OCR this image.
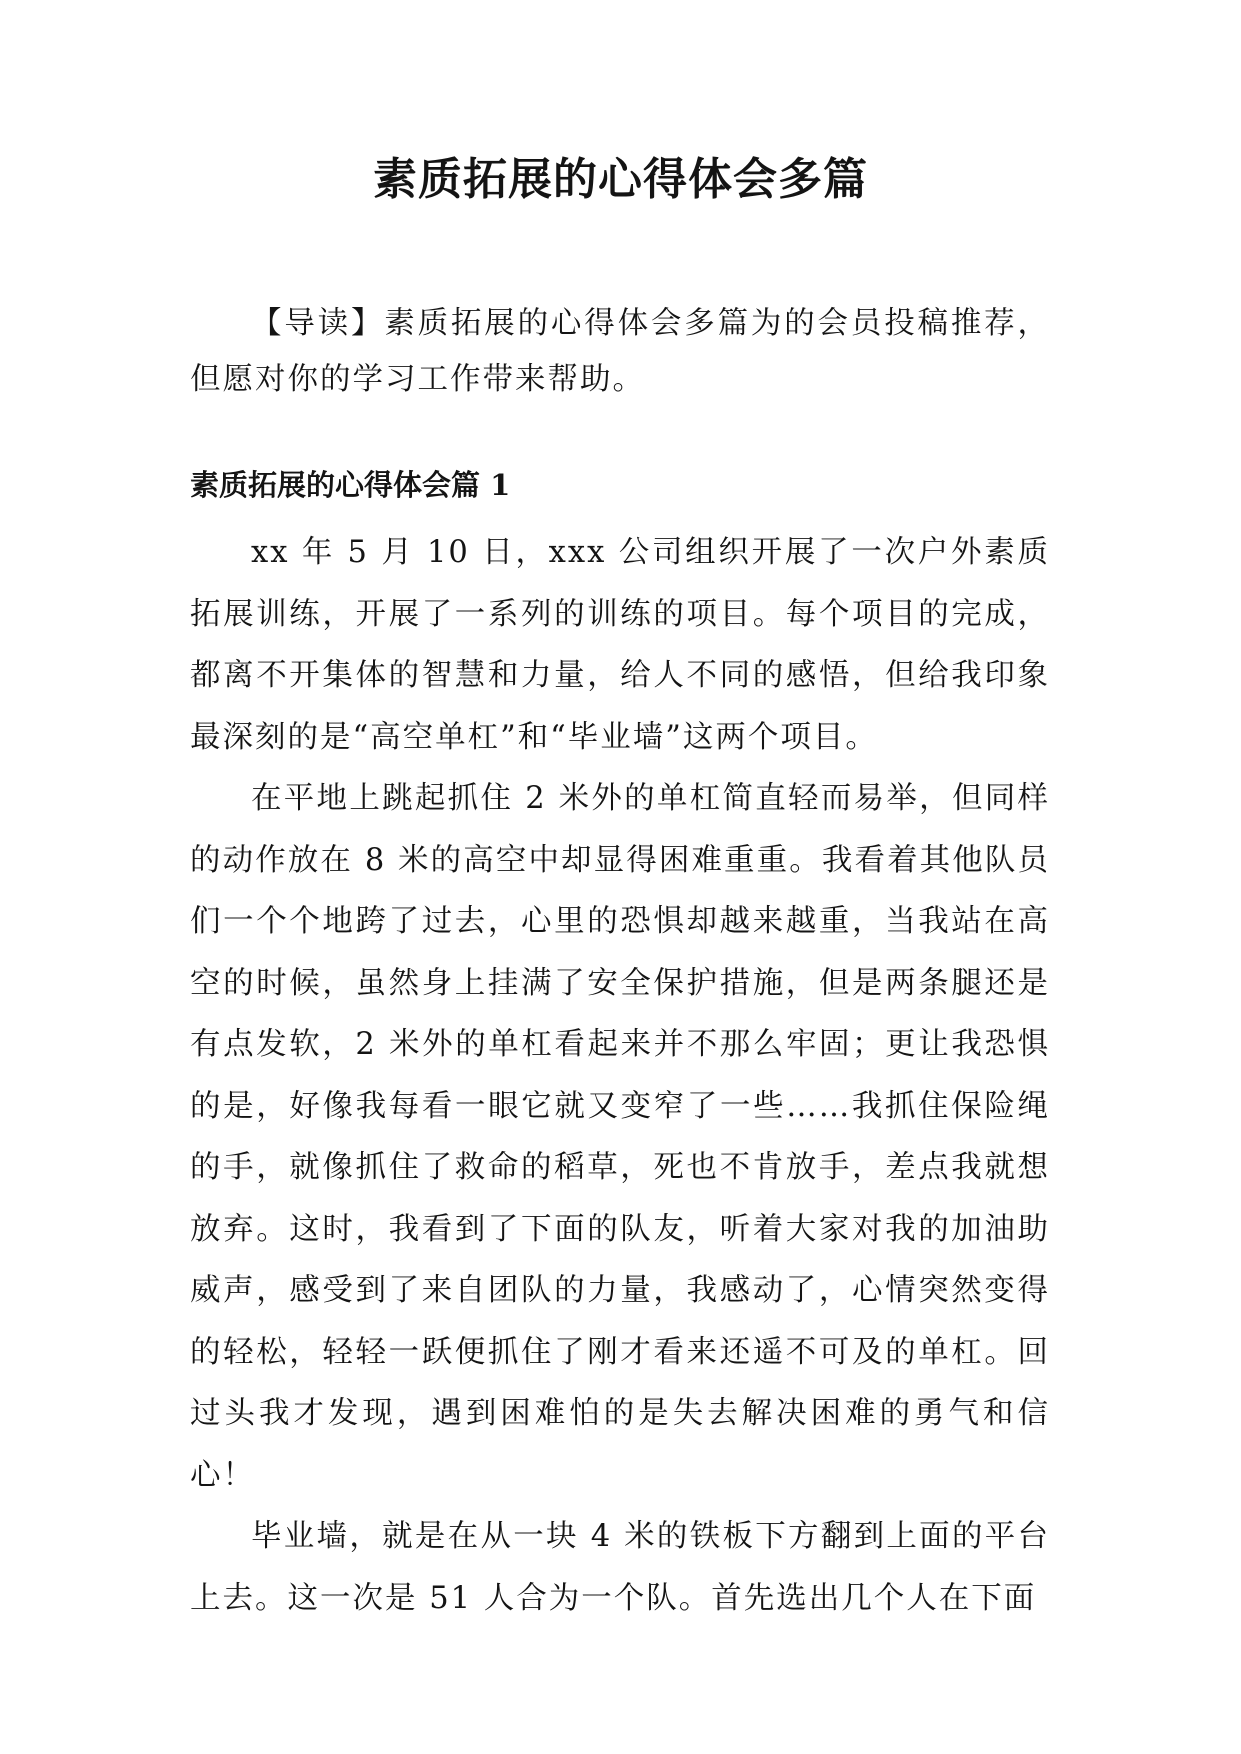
素质拓展的心得体会多篇

【导读】素质拓展的心得体会多篇为的会员投稿推荐，但愿对你的学习工作带来帮助。

素质拓展的心得体会篇 1

xx 年 5 月 10 日，xxx 公司组织开展了一次户外素质拓展训练，开展了一系列的训练的项目。每个项目的完成，都离不开集体的智慧和力量，给人不同的感悟，但给我印象最深刻的是“高空单杠”和“毕业墙”这两个项目。

在平地上跳起抓住 2 米外的单杠简直轻而易举，但同样的动作放在 8 米的高空中却显得困难重重。我看着其他队员们一个个地跨了过去，心里的恐惧却越来越重，当我站在高空的时候，虽然身上挂满了安全保护措施，但是两条腿还是有点发软，2 米外的单杠看起来并不那么牢固；更让我恐惧的是，好像我每看一眼它就又变窄了一些……我抓住保险绳的手，就像抓住了救命的稻草，死也不肯放手，差点我就想放弃。这时，我看到了下面的队友，听着大家对我的加油助威声，感受到了来自团队的力量，我感动了，心情突然变得的轻松，轻轻一跃便抓住了刚才看来还遥不可及的单杠。回过头我才发现，遇到困难怕的是失去解决困难的勇气和信心！

毕业墙，就是在从一块 4 米的铁板下方翻到上面的平台上去。这一次是 51 人合为一个队。首先选出几个人在下面
